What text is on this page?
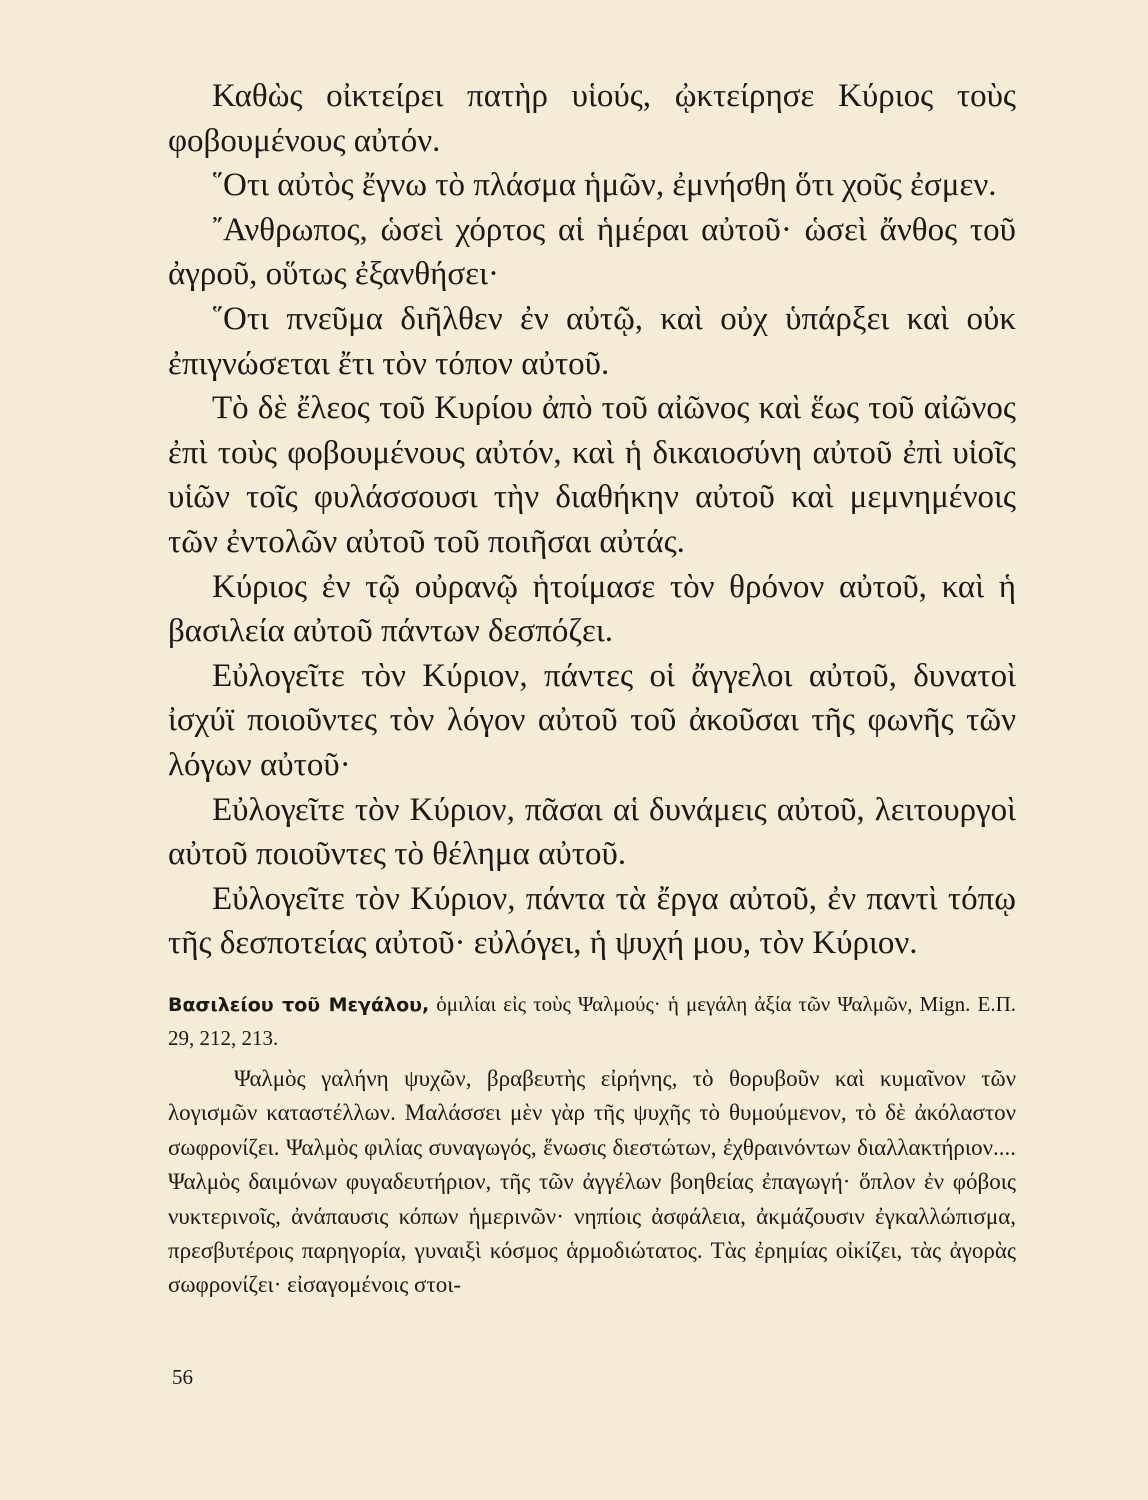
Καθὼς οἰκτείρει πατὴρ υἱούς, ᾠκτείρησε Κύριος τοὺς φοβουμένους αὐτόν.

῞Οτι αὐτὸς ἔγνω τὸ πλάσμα ἡμῶν, ἐμνήσθη ὅτι χοῦς ἐσμεν.

῎Ανθρωπος, ὡσεὶ χόρτος αἱ ἡμέραι αὐτοῦ· ὡσεὶ ἄνθος τοῦ ἀγροῦ, οὕτως ἐξανθήσει·

῞Οτι πνεῦμα διῆλθεν ἐν αὐτῷ, καὶ οὐχ ὑπάρξει καὶ οὐκ ἐπιγνώσεται ἔτι τὸν τόπον αὐτοῦ.

Τὸ δὲ ἔλεος τοῦ Κυρίου ἀπὸ τοῦ αἰῶνος καὶ ἕως τοῦ αἰῶνος ἐπὶ τοὺς φοβουμένους αὐτόν, καὶ ἡ δικαιοσύνη αὐτοῦ ἐπὶ υἱοῖς υἱῶν τοῖς φυλάσσουσι τὴν διαθήκην αὐτοῦ καὶ μεμνημένοις τῶν ἐντολῶν αὐτοῦ τοῦ ποιῆσαι αὐτάς.

Κύριος ἐν τῷ οὐρανῷ ἡτοίμασε τὸν θρόνον αὐτοῦ, καὶ ἡ βασιλεία αὐτοῦ πάντων δεσπόζει.

Εὐλογεῖτε τὸν Κύριον, πάντες οἱ ἄγγελοι αὐτοῦ, δυνατοὶ ἰσχύϊ ποιοῦντες τὸν λόγον αὐτοῦ τοῦ ἀκοῦσαι τῆς φωνῆς τῶν λόγων αὐτοῦ·

Εὐλογεῖτε τὸν Κύριον, πᾶσαι αἱ δυνάμεις αὐτοῦ, λειτουργοὶ αὐτοῦ ποιοῦντες τὸ θέλημα αὐτοῦ.

Εὐλογεῖτε τὸν Κύριον, πάντα τὰ ἔργα αὐτοῦ, ἐν παντὶ τόπῳ τῆς δεσποτείας αὐτοῦ· εὐλόγει, ἡ ψυχή μου, τὸν Κύριον.

Βασιλείου τοῦ Μεγάλου, ὁμιλίαι εἰς τοὺς Ψαλμούς· ἡ μεγάλη ἀξία τῶν Ψαλμῶν, Mign. Ε.Π. 29, 212, 213.

Ψαλμὸς γαλήνη ψυχῶν, βραβευτὴς εἰρήνης, τὸ θορυβοῦν καὶ κυμαῖνον τῶν λογισμῶν καταστέλλων. Μαλάσσει μὲν γὰρ τῆς ψυχῆς τὸ θυμούμενον, τὸ δὲ ἀκόλαστον σωφρονίζει. Ψαλμὸς φιλίας συναγωγός, ἕνωσις διεστώτων, ἐχθραινόντων διαλλακτήριον.... Ψαλμὸς δαιμόνων φυγαδευτήριον, τῆς τῶν ἀγγέλων βοηθείας ἐπαγωγή· ὅπλον ἐν φόβοις νυκτερινοῖς, ἀνάπαυσις κόπων ἡμερινῶν· νηπίοις ἀσφάλεια, ἀκμάζουσιν ἐγκαλλώπισμα, πρεσβυτέροις παρηγορία, γυναιξὶ κόσμος ἁρμοδιώτατος. Τὰς ἐρημίας οἰκίζει, τὰς ἀγορὰς σωφρονίζει· εἰσαγομένοις στοι-

56
